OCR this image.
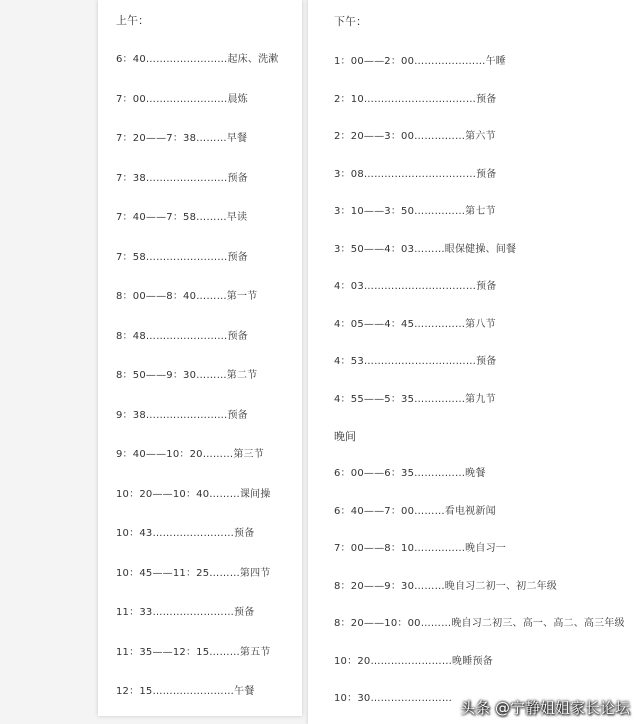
上午：
6：40……………………起床、洗漱
7：00……………………晨炼
7：20——7：38………早餐
7：38……………………预备
7：40——7：58………早读
7：58……………………预备
8：00——8：40………第一节
8：48……………………预备
8：50——9：30………第二节
9：38……………………预备
9：40——10：20………第三节
10：20——10：40………课间操
10：43……………………预备
10：45——11：25………第四节
11：33……………………预备
11：35——12：15………第五节
12：15……………………午餐
下午：
晚间
1：00——2：00…………………午睡
2：10……………………………预备
2：20——3：00……………第六节
3：08……………………………预备
3：10——3：50……………第七节
3：50——4：03………眼保健操、间餐
4：03……………………………预备
4：05——4：45……………第八节
4：53……………………………预备
4：55——5：35……………第九节
6：00——6：35……………晚餐
6：40——7：00………看电视新闻
7：00——8：10……………晚自习一
8：20——9：30………晚自习二初一、初二年级
8：20——10：00………晚自习二初三、高一、高二、高三年级
10：20……………………晚睡预备
10：30……………………
头条 @宁静姐姐家长论坛
